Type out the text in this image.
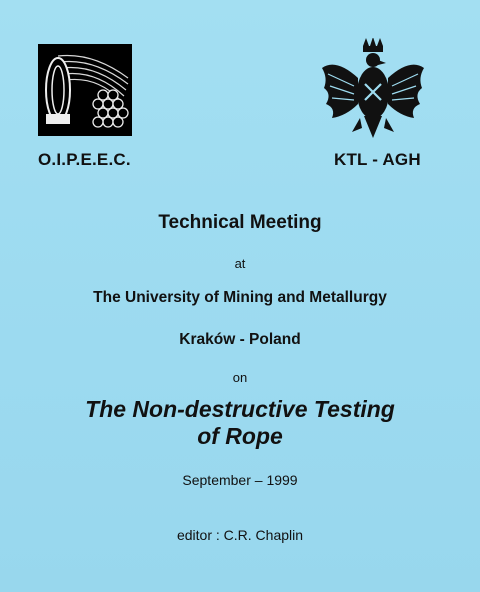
O.I.P.E.E.C.	KTL - AGH
Technical Meeting
at
The University of Mining and Metallurgy
Kraków - Poland
on
The Non-destructive Testing
of Rope
September – 1999
editor : C.R. Chaplin
